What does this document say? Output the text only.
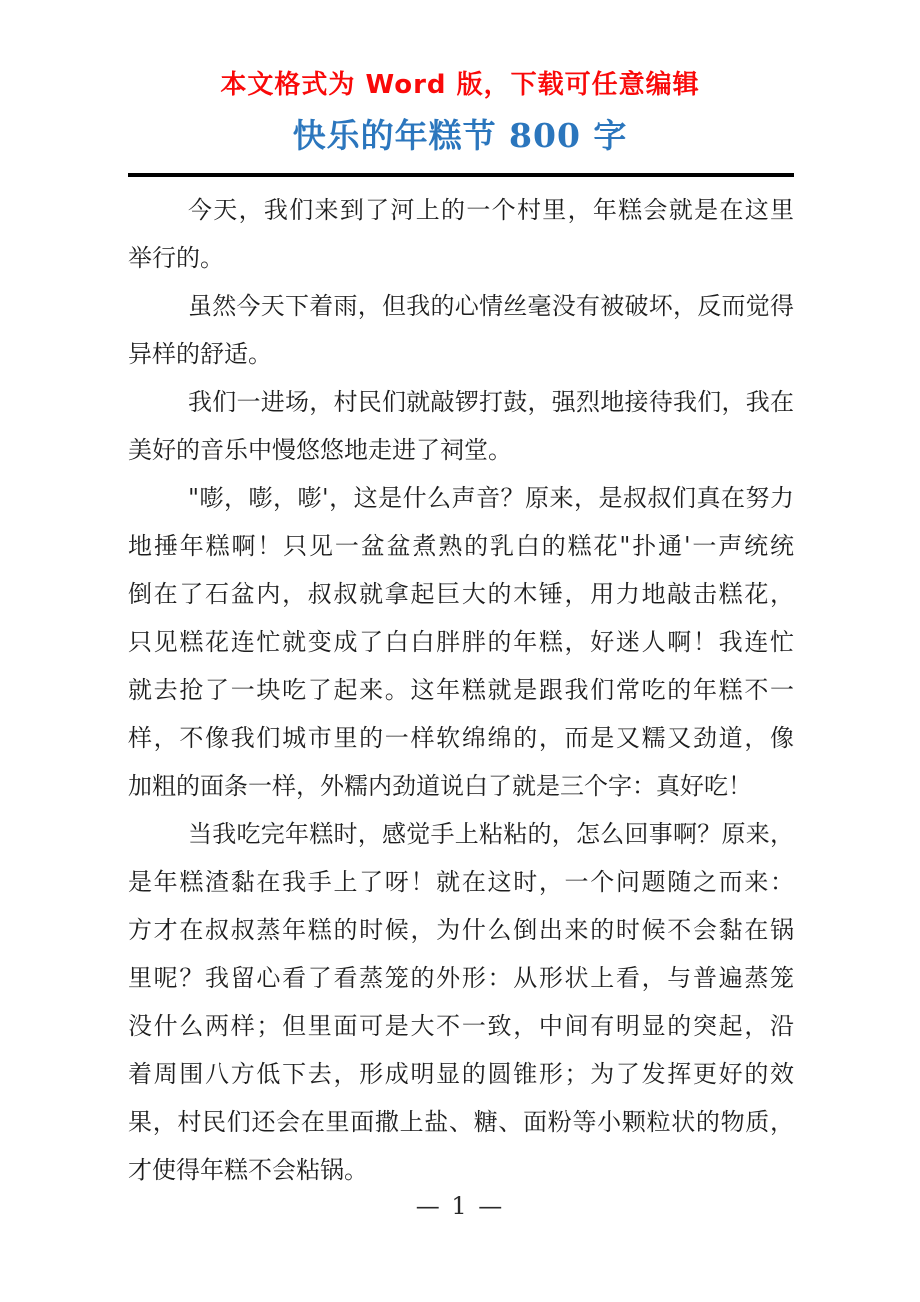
本文格式为 Word 版，下载可任意编辑
快乐的年糕节 800 字
今天，我们来到了河上的一个村里，年糕会就是在这里
举行的。
虽然今天下着雨，但我的心情丝毫没有被破坏，反而觉得
异样的舒适。
我们一进场，村民们就敲锣打鼓，强烈地接待我们，我在
美好的音乐中慢悠悠地走进了祠堂。
"嘭，嘭，嘭'，这是什么声音？原来，是叔叔们真在努力
地捶年糕啊！只见一盆盆煮熟的乳白的糕花"扑通'一声统统
倒在了石盆内，叔叔就拿起巨大的木锤，用力地敲击糕花，
只见糕花连忙就变成了白白胖胖的年糕，好迷人啊！我连忙
就去抢了一块吃了起来。这年糕就是跟我们常吃的年糕不一
样，不像我们城市里的一样软绵绵的，而是又糯又劲道，像
加粗的面条一样，外糯内劲道说白了就是三个字：真好吃！
当我吃完年糕时，感觉手上粘粘的，怎么回事啊？原来，
是年糕渣黏在我手上了呀！就在这时，一个问题随之而来：
方才在叔叔蒸年糕的时候，为什么倒出来的时候不会黏在锅
里呢？我留心看了看蒸笼的外形：从形状上看，与普遍蒸笼
没什么两样；但里面可是大不一致，中间有明显的突起，沿
着周围八方低下去，形成明显的圆锥形；为了发挥更好的效
果，村民们还会在里面撒上盐、糖、面粉等小颗粒状的物质，
才使得年糕不会粘锅。
— 1 —
